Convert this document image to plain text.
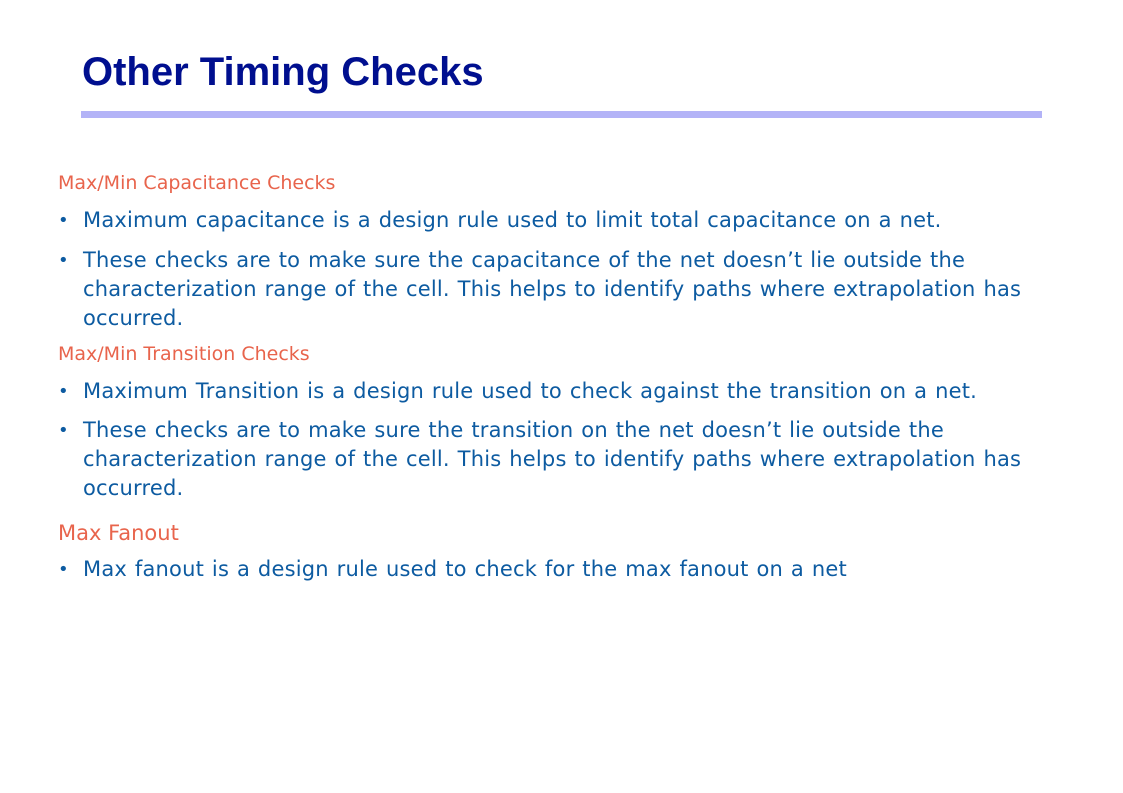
Other Timing Checks
Max/Min Capacitance Checks
• Maximum capacitance is a design rule used to limit total capacitance on a net.
• These checks are to make sure the capacitance of the net doesn’t lie outside the characterization range of the cell. This helps to identify paths where extrapolation has occurred.
Max/Min Transition Checks
• Maximum Transition is a design rule used to check against the transition on a net.
• These checks are to make sure the transition on the net doesn’t lie outside the characterization range of the cell. This helps to identify paths where extrapolation has occurred.
Max Fanout
• Max fanout is a design rule used to check for the max fanout on a net
